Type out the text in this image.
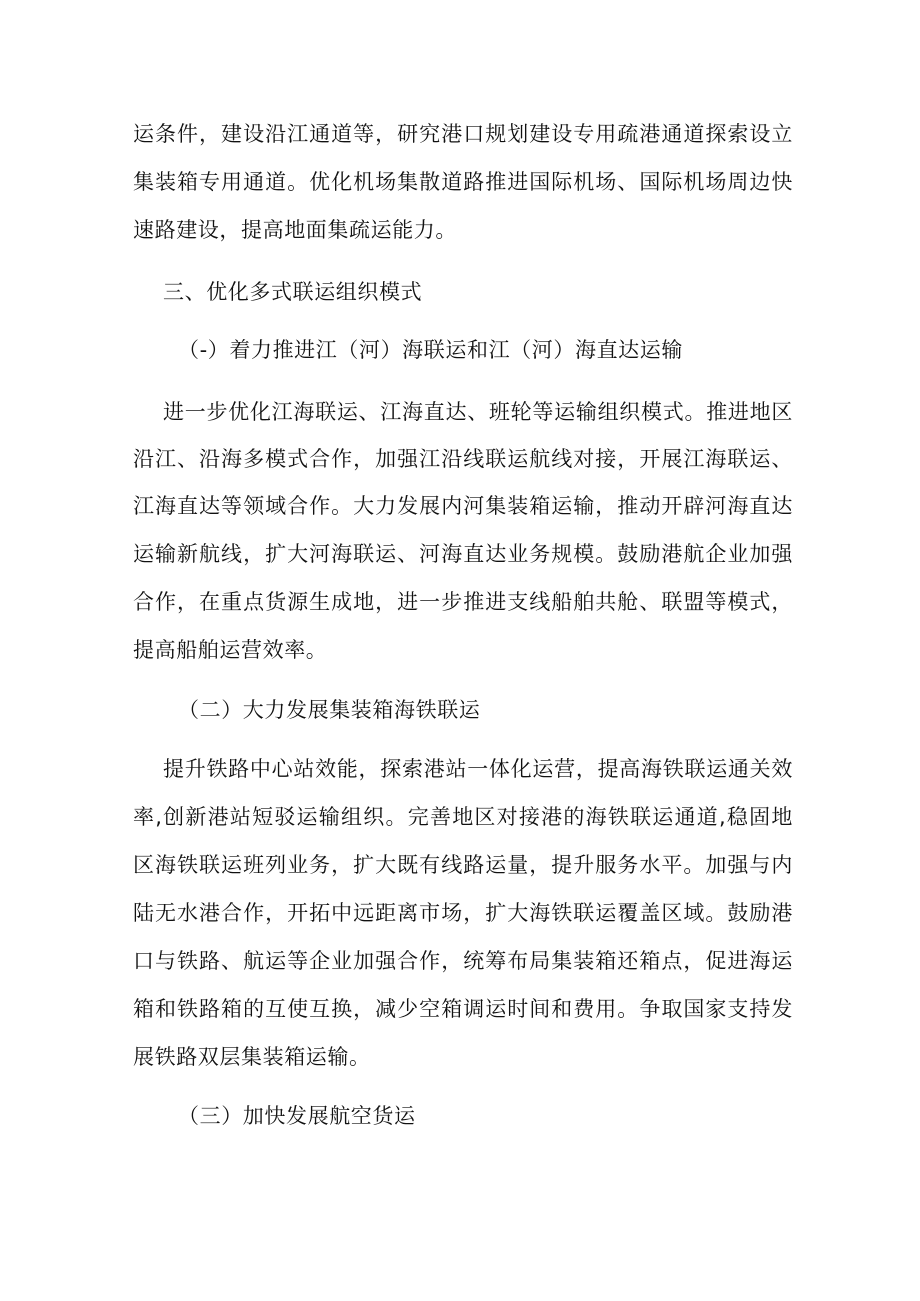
运条件，建设沿江通道等，研究港口规划建设专用疏港通道探索设立
集装箱专用通道。优化机场集散道路推进国际机场、国际机场周边快
速路建设，提高地面集疏运能力。
三、优化多式联运组织模式
（-）着力推进江（河）海联运和江（河）海直达运输
进一步优化江海联运、江海直达、班轮等运输组织模式。推进地区
沿江、沿海多模式合作，加强江沿线联运航线对接，开展江海联运、
江海直达等领域合作。大力发展内河集装箱运输，推动开辟河海直达
运输新航线，扩大河海联运、河海直达业务规模。鼓励港航企业加强
合作，在重点货源生成地，进一步推进支线船舶共舱、联盟等模式，
提高船舶运营效率。
（二）大力发展集装箱海铁联运
提升铁路中心站效能，探索港站一体化运营，提高海铁联运通关效
率,创新港站短驳运输组织。完善地区对接港的海铁联运通道,稳固地
区海铁联运班列业务，扩大既有线路运量，提升服务水平。加强与内
陆无水港合作，开拓中远距离市场，扩大海铁联运覆盖区域。鼓励港
口与铁路、航运等企业加强合作，统筹布局集装箱还箱点，促进海运
箱和铁路箱的互使互换，减少空箱调运时间和费用。争取国家支持发
展铁路双层集装箱运输。
（三）加快发展航空货运
